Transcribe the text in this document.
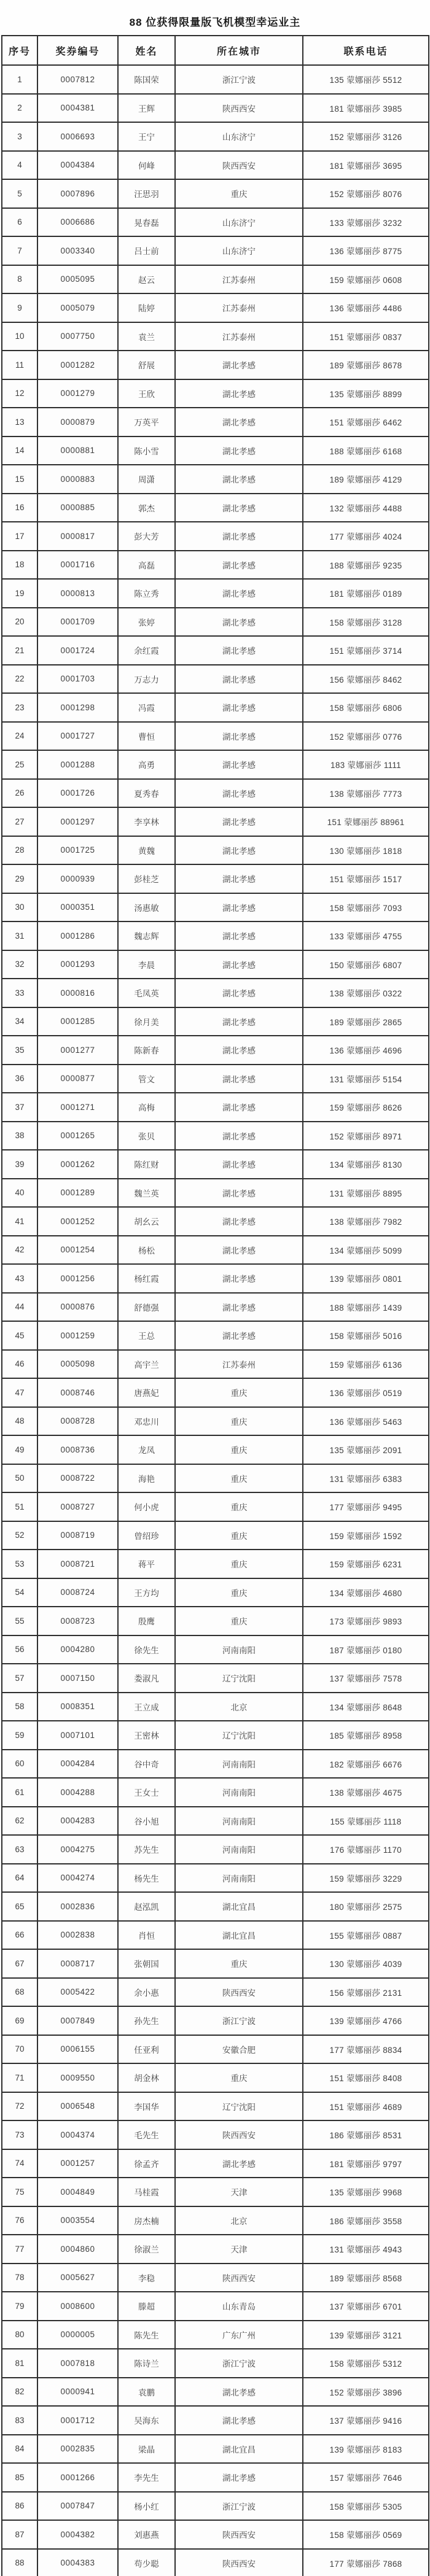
88 位获得限量版飞机模型幸运业主
序号	奖券编号	姓名	所在城市	联系电话
1	0007812	陈国荣	浙江宁波	135 蒙娜丽莎 5512
2	0004381	王辉	陕西西安	181 蒙娜丽莎 3985
3	0006693	王宁	山东济宁	152 蒙娜丽莎 3126
4	0004384	何峰	陕西西安	181 蒙娜丽莎 3695
5	0007896	汪思羽	重庆	152 蒙娜丽莎 8076
6	0006686	晃春磊	山东济宁	133 蒙娜丽莎 3232
7	0003340	吕士前	山东济宁	136 蒙娜丽莎 8775
8	0005095	赵云	江苏泰州	159 蒙娜丽莎 0608
9	0005079	陆婷	江苏泰州	136 蒙娜丽莎 4486
10	0007750	袁兰	江苏泰州	151 蒙娜丽莎 0837
11	0001282	舒展	湖北孝感	189 蒙娜丽莎 8678
12	0001279	王欣	湖北孝感	135 蒙娜丽莎 8899
13	0000879	万英平	湖北孝感	151 蒙娜丽莎 6462
14	0000881	陈小雪	湖北孝感	188 蒙娜丽莎 6168
15	0000883	周潇	湖北孝感	189 蒙娜丽莎 4129
16	0000885	郭杰	湖北孝感	132 蒙娜丽莎 4488
17	0000817	彭大芳	湖北孝感	177 蒙娜丽莎 4024
18	0001716	高磊	湖北孝感	188 蒙娜丽莎 9235
19	0000813	陈立秀	湖北孝感	181 蒙娜丽莎 0189
20	0001709	张婷	湖北孝感	158 蒙娜丽莎 3128
21	0001724	余红霞	湖北孝感	151 蒙娜丽莎 3714
22	0001703	万志力	湖北孝感	156 蒙娜丽莎 8462
23	0001298	冯霞	湖北孝感	158 蒙娜丽莎 6806
24	0001727	曹恒	湖北孝感	152 蒙娜丽莎 0776
25	0001288	高勇	湖北孝感	183 蒙娜丽莎 1111
26	0001726	夏秀春	湖北孝感	138 蒙娜丽莎 7773
27	0001297	李享林	湖北孝感	151 蒙娜丽莎 88961
28	0001725	黄魏	湖北孝感	130 蒙娜丽莎 1818
29	0000939	彭桂芝	湖北孝感	151 蒙娜丽莎 1517
30	0000351	汤惠敏	湖北孝感	158 蒙娜丽莎 7093
31	0001286	魏志辉	湖北孝感	133 蒙娜丽莎 4755
32	0001293	李晨	湖北孝感	150 蒙娜丽莎 6807
33	0000816	毛凤英	湖北孝感	138 蒙娜丽莎 0322
34	0001285	徐月美	湖北孝感	189 蒙娜丽莎 2865
35	0001277	陈新春	湖北孝感	136 蒙娜丽莎 4696
36	0000877	管文	湖北孝感	131 蒙娜丽莎 5154
37	0001271	高梅	湖北孝感	159 蒙娜丽莎 8626
38	0001265	张贝	湖北孝感	152 蒙娜丽莎 8971
39	0001262	陈红财	湖北孝感	134 蒙娜丽莎 8130
40	0001289	魏兰英	湖北孝感	131 蒙娜丽莎 8895
41	0001252	胡幺云	湖北孝感	138 蒙娜丽莎 7982
42	0001254	杨松	湖北孝感	134 蒙娜丽莎 5099
43	0001256	杨红霞	湖北孝感	139 蒙娜丽莎 0801
44	0000876	舒德强	湖北孝感	188 蒙娜丽莎 1439
45	0001259	王总	湖北孝感	158 蒙娜丽莎 5016
46	0005098	高宇兰	江苏泰州	159 蒙娜丽莎 6136
47	0008746	唐燕妃	重庆	136 蒙娜丽莎 0519
48	0008728	邓忠川	重庆	136 蒙娜丽莎 5463
49	0008736	龙凤	重庆	135 蒙娜丽莎 2091
50	0008722	海艳	重庆	131 蒙娜丽莎 6383
51	0008727	何小虎	重庆	177 蒙娜丽莎 9495
52	0008719	曾绍珍	重庆	159 蒙娜丽莎 1592
53	0008721	蒋平	重庆	159 蒙娜丽莎 6231
54	0008724	王方均	重庆	134 蒙娜丽莎 4680
55	0008723	殷鹰	重庆	173 蒙娜丽莎 9893
56	0004280	徐先生	河南南阳	187 蒙娜丽莎 0180
57	0007150	娄淑凡	辽宁沈阳	137 蒙娜丽莎 7578
58	0008351	王立成	北京	134 蒙娜丽莎 8648
59	0007101	王密林	辽宁沈阳	185 蒙娜丽莎 8958
60	0004284	谷中奇	河南南阳	182 蒙娜丽莎 6676
61	0004288	王女士	河南南阳	138 蒙娜丽莎 4675
62	0004283	谷小旭	河南南阳	155 蒙娜丽莎 1118
63	0004275	苏先生	河南南阳	176 蒙娜丽莎 1170
64	0004274	杨先生	河南南阳	159 蒙娜丽莎 3229
65	0002836	赵泓凯	湖北宜昌	180 蒙娜丽莎 2575
66	0002838	肖恒	湖北宜昌	155 蒙娜丽莎 0887
67	0008717	张朝国	重庆	130 蒙娜丽莎 4039
68	0005422	余小惠	陕西西安	156 蒙娜丽莎 2131
69	0007849	孙先生	浙江宁波	139 蒙娜丽莎 4766
70	0006155	任亚利	安徽合肥	177 蒙娜丽莎 8834
71	0009550	胡金林	重庆	151 蒙娜丽莎 8408
72	0006548	李国华	辽宁沈阳	151 蒙娜丽莎 4689
73	0004374	毛先生	陕西西安	186 蒙娜丽莎 8531
74	0001257	徐孟齐	湖北孝感	181 蒙娜丽莎 9797
75	0004849	马桂霞	天津	135 蒙娜丽莎 9968
76	0003554	房杰楠	北京	186 蒙娜丽莎 3558
77	0004860	徐淑兰	天津	131 蒙娜丽莎 4943
78	0005627	李稳	陕西西安	189 蒙娜丽莎 8568
79	0008600	滕超	山东青岛	137 蒙娜丽莎 6701
80	0000005	陈先生	广东广州	139 蒙娜丽莎 3121
81	0007818	陈诗兰	浙江宁波	158 蒙娜丽莎 5312
82	0000941	袁鹏	湖北孝感	152 蒙娜丽莎 3896
83	0001712	吴海东	湖北孝感	137 蒙娜丽莎 9416
84	0002835	梁晶	湖北宜昌	139 蒙娜丽莎 8183
85	0001266	李先生	湖北孝感	157 蒙娜丽莎 7646
86	0007847	杨小红	浙江宁波	158 蒙娜丽莎 5305
87	0004382	刘惠燕	陕西西安	158 蒙娜丽莎 0569
88	0004383	苟少聪	陕西西安	177 蒙娜丽莎 7868
